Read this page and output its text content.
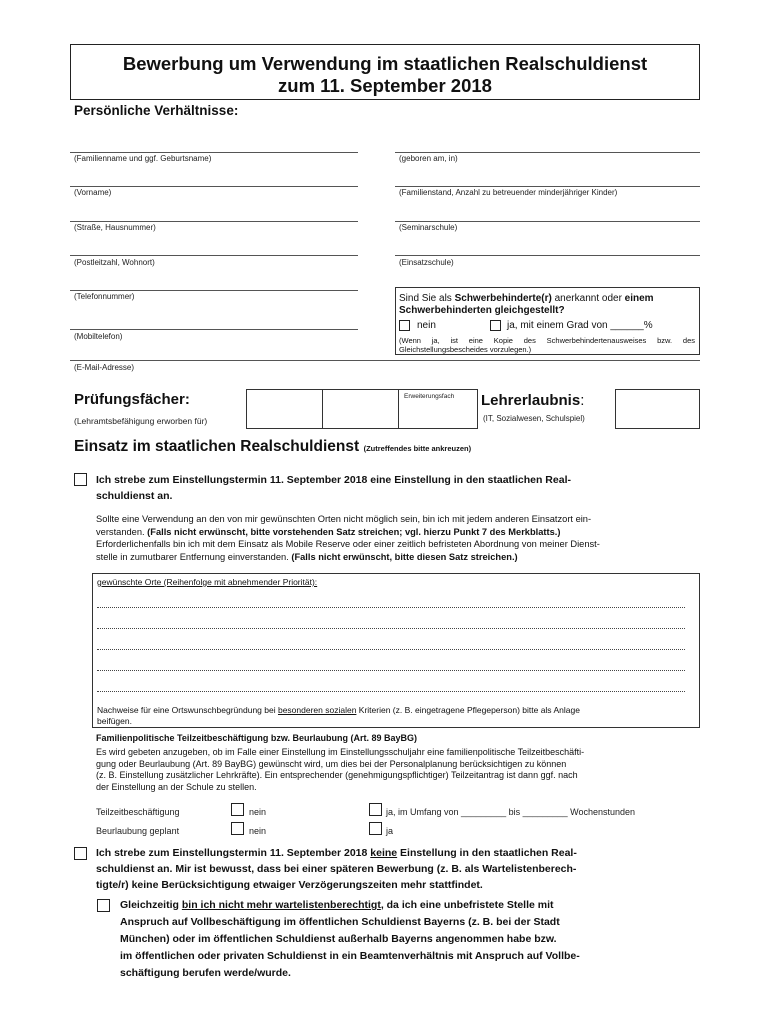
Bewerbung um Verwendung im staatlichen Realschuldienst
zum 11. September 2018
Persönliche Verhältnisse:
(Familienname und ggf. Geburtsname)
(Vorname)
(Straße, Hausnummer)
(Postleitzahl, Wohnort)
(Telefonnummer)
(Mobiltelefon)
(E-Mail-Adresse)
(geboren am, in)
(Familienstand, Anzahl zu betreuender minderjähriger Kinder)
(Seminarschule)
(Einsatzschule)
Sind Sie als Schwerbehinderte(r) anerkannt oder einem
Schwerbehinderten gleichgestellt?
nein	ja, mit einem Grad von ______%
(Wenn ja, ist eine Kopie des Schwerbehindertenausweises bzw. des Gleichstellungsbescheides vorzulegen.)
Prüfungsfächer:
(Lehramtsbefähigung erworben für)
Erweiterungsfach Lehrerlaubnis:
(IT, Sozialwesen, Schulspiel)
Einsatz im staatlichen Realschuldienst (Zutreffendes bitte ankreuzen)
Ich strebe zum Einstellungstermin 11. September 2018 eine Einstellung in den staatlichen Real-
schuldienst an.
Sollte eine Verwendung an den von mir gewünschten Orten nicht möglich sein, bin ich mit jedem anderen Einsatzort ein-
verstanden. (Falls nicht erwünscht, bitte vorstehenden Satz streichen; vgl. hierzu Punkt 7 des Merkblatts.)
Erforderlichenfalls bin ich mit dem Einsatz als Mobile Reserve oder einer zeitlich befristeten Abordnung von meiner Dienst-
stelle in zumutbarer Entfernung einverstanden. (Falls nicht erwünscht, bitte diesen Satz streichen.)
gewünschte Orte (Reihenfolge mit abnehmender Priorität):
Nachweise für eine Ortswunschbegründung bei besonderen sozialen Kriterien (z. B. eingetragene Pflegeperson) bitte als Anlage
beifügen.
Familienpolitische Teilzeitbeschäftigung bzw. Beurlaubung (Art. 89 BayBG)
Es wird gebeten anzugeben, ob im Falle einer Einstellung im Einstellungsschuljahr eine familienpolitische Teilzeitbeschäfti-
gung oder Beurlaubung (Art. 89 BayBG) gewünscht wird, um dies bei der Personalplanung berücksichtigen zu können
(z. B. Einstellung zusätzlicher Lehrkräfte). Ein entsprechender (genehmigungspflichtiger) Teilzeitantrag ist dann ggf. nach
der Einstellung an der Schule zu stellen.
Teilzeitbeschäftigung	nein	ja, im Umfang von _________ bis _________ Wochenstunden
Beurlaubung geplant	nein	ja
Ich strebe zum Einstellungstermin 11. September 2018 keine Einstellung in den staatlichen Real-
schuldienst an. Mir ist bewusst, dass bei einer späteren Bewerbung (z. B. als Wartelistenberech-
tigte/r) keine Berücksichtigung etwaiger Verzögerungszeiten mehr stattfindet.
Gleichzeitig bin ich nicht mehr wartelistenberechtigt, da ich eine unbefristete Stelle mit
Anspruch auf Vollbeschäftigung im öffentlichen Schuldienst Bayerns (z. B. bei der Stadt
München) oder im öffentlichen Schuldienst außerhalb Bayerns angenommen habe bzw.
im öffentlichen oder privaten Schuldienst in ein Beamtenverhältnis mit Anspruch auf Vollbe-
schäftigung berufen werde/wurde.
